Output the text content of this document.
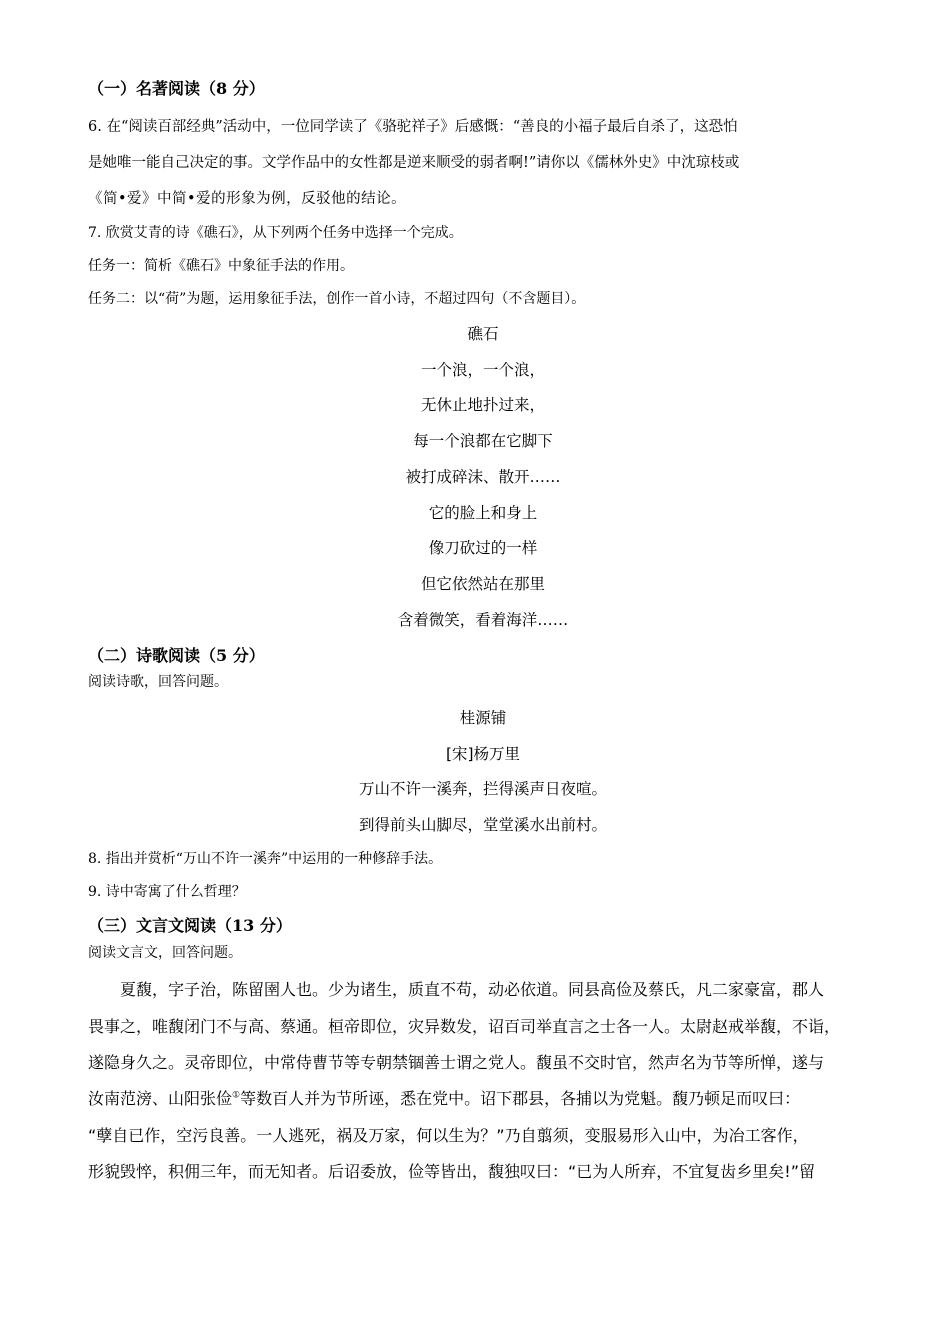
（一）名著阅读（8 分）

6. 在“阅读百部经典”活动中，一位同学读了《骆驼祥子》后感慨：“善良的小福子最后自杀了，这恐怕

是她唯一能自己决定的事。文学作品中的女性都是逆来顺受的弱者啊!”请你以《儒林外史》中沈琼枝或

《简•爱》中简•爱的形象为例，反驳他的结论。

7. 欣赏艾青的诗《礁石》，从下列两个任务中选择一个完成。

任务一：简析《礁石》中象征手法的作用。

任务二：以“荷”为题，运用象征手法，创作一首小诗，不超过四句（不含题目）。

礁石

一个浪，一个浪，

无休止地扑过来，

每一个浪都在它脚下

被打成碎沫、散开……

它的脸上和身上

像刀砍过的一样

但它依然站在那里

含着微笑，看着海洋……

（二）诗歌阅读（5 分）

阅读诗歌，回答问题。

桂源铺

[宋]杨万里

万山不许一溪奔，拦得溪声日夜喧。

到得前头山脚尽，堂堂溪水出前村。

8. 指出并赏析“万山不许一溪奔”中运用的一种修辞手法。

9. 诗中寄寓了什么哲理？

（三）文言文阅读（13 分）

阅读文言文，回答问题。

夏馥，字子治，陈留圉人也。少为诸生，质直不苟，动必依道。同县高俭及蔡氏，凡二家豪富，郡人

畏事之，唯馥闭门不与高、蔡通。桓帝即位，灾异数发，诏百司举直言之士各一人。太尉赵戒举馥，不诣，

遂隐身久之。灵帝即位，中常侍曹节等专朝禁锢善士谓之党人。馥虽不交时官，然声名为节等所惮，遂与

汝南范滂、山阳张俭①等数百人并为节所诬，悉在党中。诏下郡县，各捕以为党魁。馥乃顿足而叹曰：

“孽自已作，空污良善。一人逃死，祸及万家，何以生为？”乃自翦须，变服易形入山中，为冶工客作，

形貌毁悴，积佣三年，而无知者。后诏委放，俭等皆出，馥独叹曰：“已为人所弃，不宜复齿乡里矣!”留
